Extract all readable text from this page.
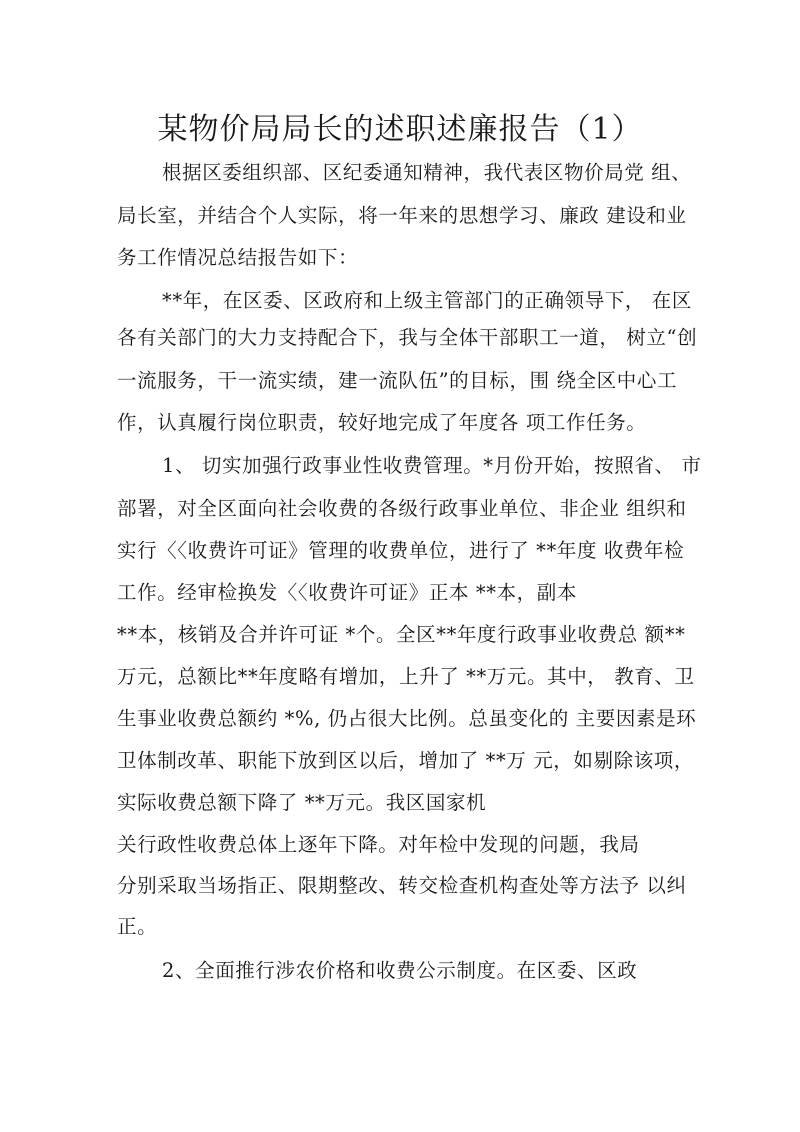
某物价局局长的述职述廉报告（1）
根据区委组织部、区纪委通知精神，我代表区物价局党 组、
局长室，并结合个人实际，将一年来的思想学习、廉政 建设和业
务工作情况总结报告如下：
**年，在区委、区政府和上级主管部门的正确领导下， 在区
各有关部门的大力支持配合下，我与全体干部职工一道， 树立“创
一流服务，干一流实绩，建一流队伍”的目标，围 绕全区中心工
作，认真履行岗位职责，较好地完成了年度各 项工作任务。
1、 切实加强行政事业性收费管理。*月份开始，按照省、 市
部署，对全区面向社会收费的各级行政事业单位、非企业 组织和
实行〈〈收费许可证》管理的收费单位，进行了 **年度 收费年检
工作。经审检换发〈〈收费许可证》正本 **本，副本
**本，核销及合并许可证 *个。全区**年度行政事业收费总 额**
万元，总额比**年度略有增加，上升了 **万元。其中， 教育、卫
生事业收费总额约 *%, 仍占很大比例。总虽变化的 主要因素是环
卫体制改革、职能下放到区以后，增加了 **万 元，如剔除该项，
实际收费总额下降了 **万元。我区国家机
关行政性收费总体上逐年下降。对年检中发现的问题，我局
分别采取当场指正、限期整改、转交检查机构查处等方法予 以纠
正。
2、全面推行涉农价格和收费公示制度。在区委、区政
